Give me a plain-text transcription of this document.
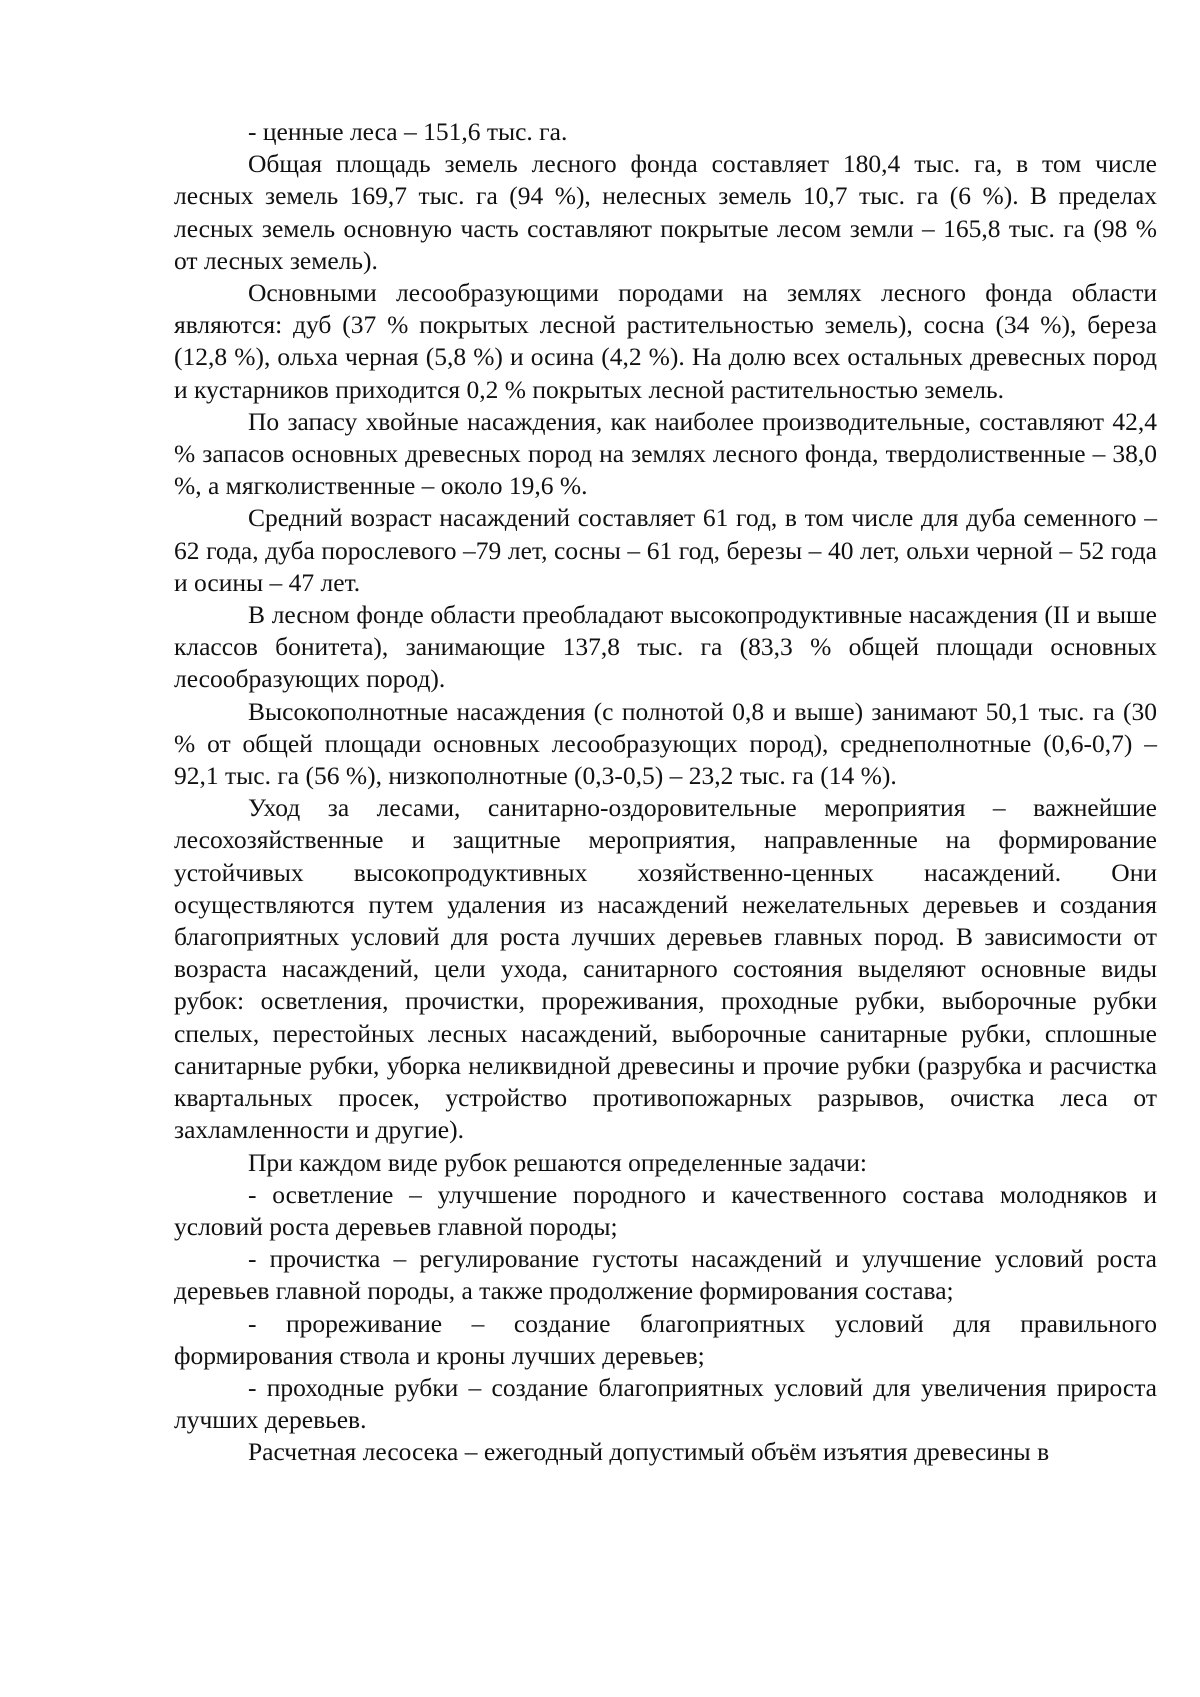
- ценные леса – 151,6 тыс. га.

Общая площадь земель лесного фонда составляет 180,4 тыс. га, в том числе лесных земель 169,7 тыс. га (94 %), нелесных земель 10,7 тыс. га (6 %). В пределах лесных земель основную часть составляют покрытые лесом земли – 165,8 тыс. га (98 % от лесных земель).

Основными лесообразующими породами на землях лесного фонда области являются: дуб (37 % покрытых лесной растительностью земель), сосна (34 %), береза (12,8 %), ольха черная (5,8 %) и осина (4,2 %). На долю всех остальных древесных пород и кустарников приходится 0,2 % покрытых лесной растительностью земель.

По запасу хвойные насаждения, как наиболее производительные, составляют 42,4 % запасов основных древесных пород на землях лесного фонда, твердолиственные – 38,0 %, а мягколиственные – около 19,6 %.

Средний возраст насаждений составляет 61 год, в том числе для дуба семенного – 62 года, дуба порослевого –79 лет, сосны – 61 год, березы – 40 лет, ольхи черной – 52 года и осины – 47 лет.

В лесном фонде области преобладают высокопродуктивные насаждения (II и выше классов бонитета), занимающие 137,8 тыс. га (83,3 % общей площади основных лесообразующих пород).

Высокополнотные насаждения (с полнотой 0,8 и выше) занимают 50,1 тыс. га (30 % от общей площади основных лесообразующих пород), среднеполнотные (0,6-0,7) – 92,1 тыс. га (56 %), низкополнотные (0,3-0,5) – 23,2 тыс. га (14 %).

Уход за лесами, санитарно-оздоровительные мероприятия – важнейшие лесохозяйственные и защитные мероприятия, направленные на формирование устойчивых высокопродуктивных хозяйственно-ценных насаждений. Они осуществляются путем удаления из насаждений нежелательных деревьев и создания благоприятных условий для роста лучших деревьев главных пород. В зависимости от возраста насаждений, цели ухода, санитарного состояния выделяют основные виды рубок: осветления, прочистки, прореживания, проходные рубки, выборочные рубки спелых, перестойных лесных насаждений, выборочные санитарные рубки, сплошные санитарные рубки, уборка неликвидной древесины и прочие рубки (разрубка и расчистка квартальных просек, устройство противопожарных разрывов, очистка леса от захламленности и другие).

При каждом виде рубок решаются определенные задачи:

- осветление – улучшение породного и качественного состава молодняков и условий роста деревьев главной породы;

- прочистка – регулирование густоты насаждений и улучшение условий роста деревьев главной породы, а также продолжение формирования состава;

- прореживание – создание благоприятных условий для правильного формирования ствола и кроны лучших деревьев;

- проходные рубки – создание благоприятных условий для увеличения прироста лучших деревьев.

Расчетная лесосека – ежегодный допустимый объём изъятия древесины в
